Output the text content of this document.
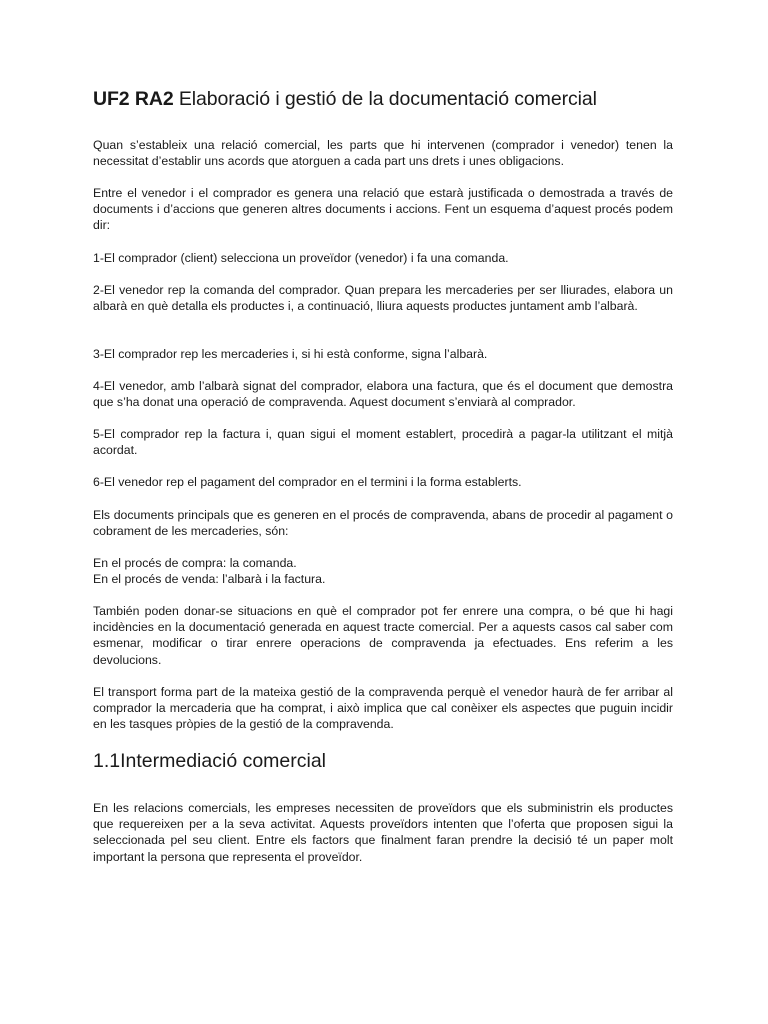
UF2 RA2 Elaboració i gestió de la documentació comercial

Quan s’estableix una relació comercial, les parts que hi intervenen (comprador i venedor) tenen la necessitat d’establir uns acords que atorguen a cada part uns drets i unes obligacions.

Entre el venedor i el comprador es genera una relació que estarà justificada o demostrada a través de documents i d’accions que generen altres documents i accions. Fent un esquema d’aquest procés podem dir:

1-El comprador (client) selecciona un proveïdor (venedor) i fa una comanda.

2-El venedor rep la comanda del comprador. Quan prepara les mercaderies per ser lliurades, elabora un albarà en què detalla els productes i, a continuació, lliura aquests productes juntament amb l’albarà.

3-El comprador rep les mercaderies i, si hi està conforme, signa l’albarà.

4-El venedor, amb l’albarà signat del comprador, elabora una factura, que és el document que demostra que s’ha donat una operació de compravenda. Aquest document s’enviarà al comprador.

5-El comprador rep la factura i, quan sigui el moment establert, procedirà a pagar-la utilitzant el mitjà acordat.

6-El venedor rep el pagament del comprador en el termini i la forma establerts.

Els documents principals que es generen en el procés de compravenda, abans de procedir al pagament o cobrament de les mercaderies, són:

En el procés de compra: la comanda.
En el procés de venda: l’albarà i la factura.

También poden donar-se situacions en què el comprador pot fer enrere una compra, o bé que hi hagi incidències en la documentació generada en aquest tracte comercial. Per a aquests casos cal saber com esmenar, modificar o tirar enrere operacions de compravenda ja efectuades. Ens referim a les devolucions.

El transport forma part de la mateixa gestió de la compravenda perquè el venedor haurà de fer arribar al comprador la mercaderia que ha comprat, i això implica que cal conèixer els aspectes que puguin incidir en les tasques pròpies de la gestió de la compravenda.

1.1Intermediació comercial

En les relacions comercials, les empreses necessiten de proveïdors que els subministrin els productes que requereixen per a la seva activitat. Aquests proveïdors intenten que l’oferta que proposen sigui la seleccionada pel seu client. Entre els factors que finalment faran prendre la decisió té un paper molt important la persona que representa el proveïdor.
